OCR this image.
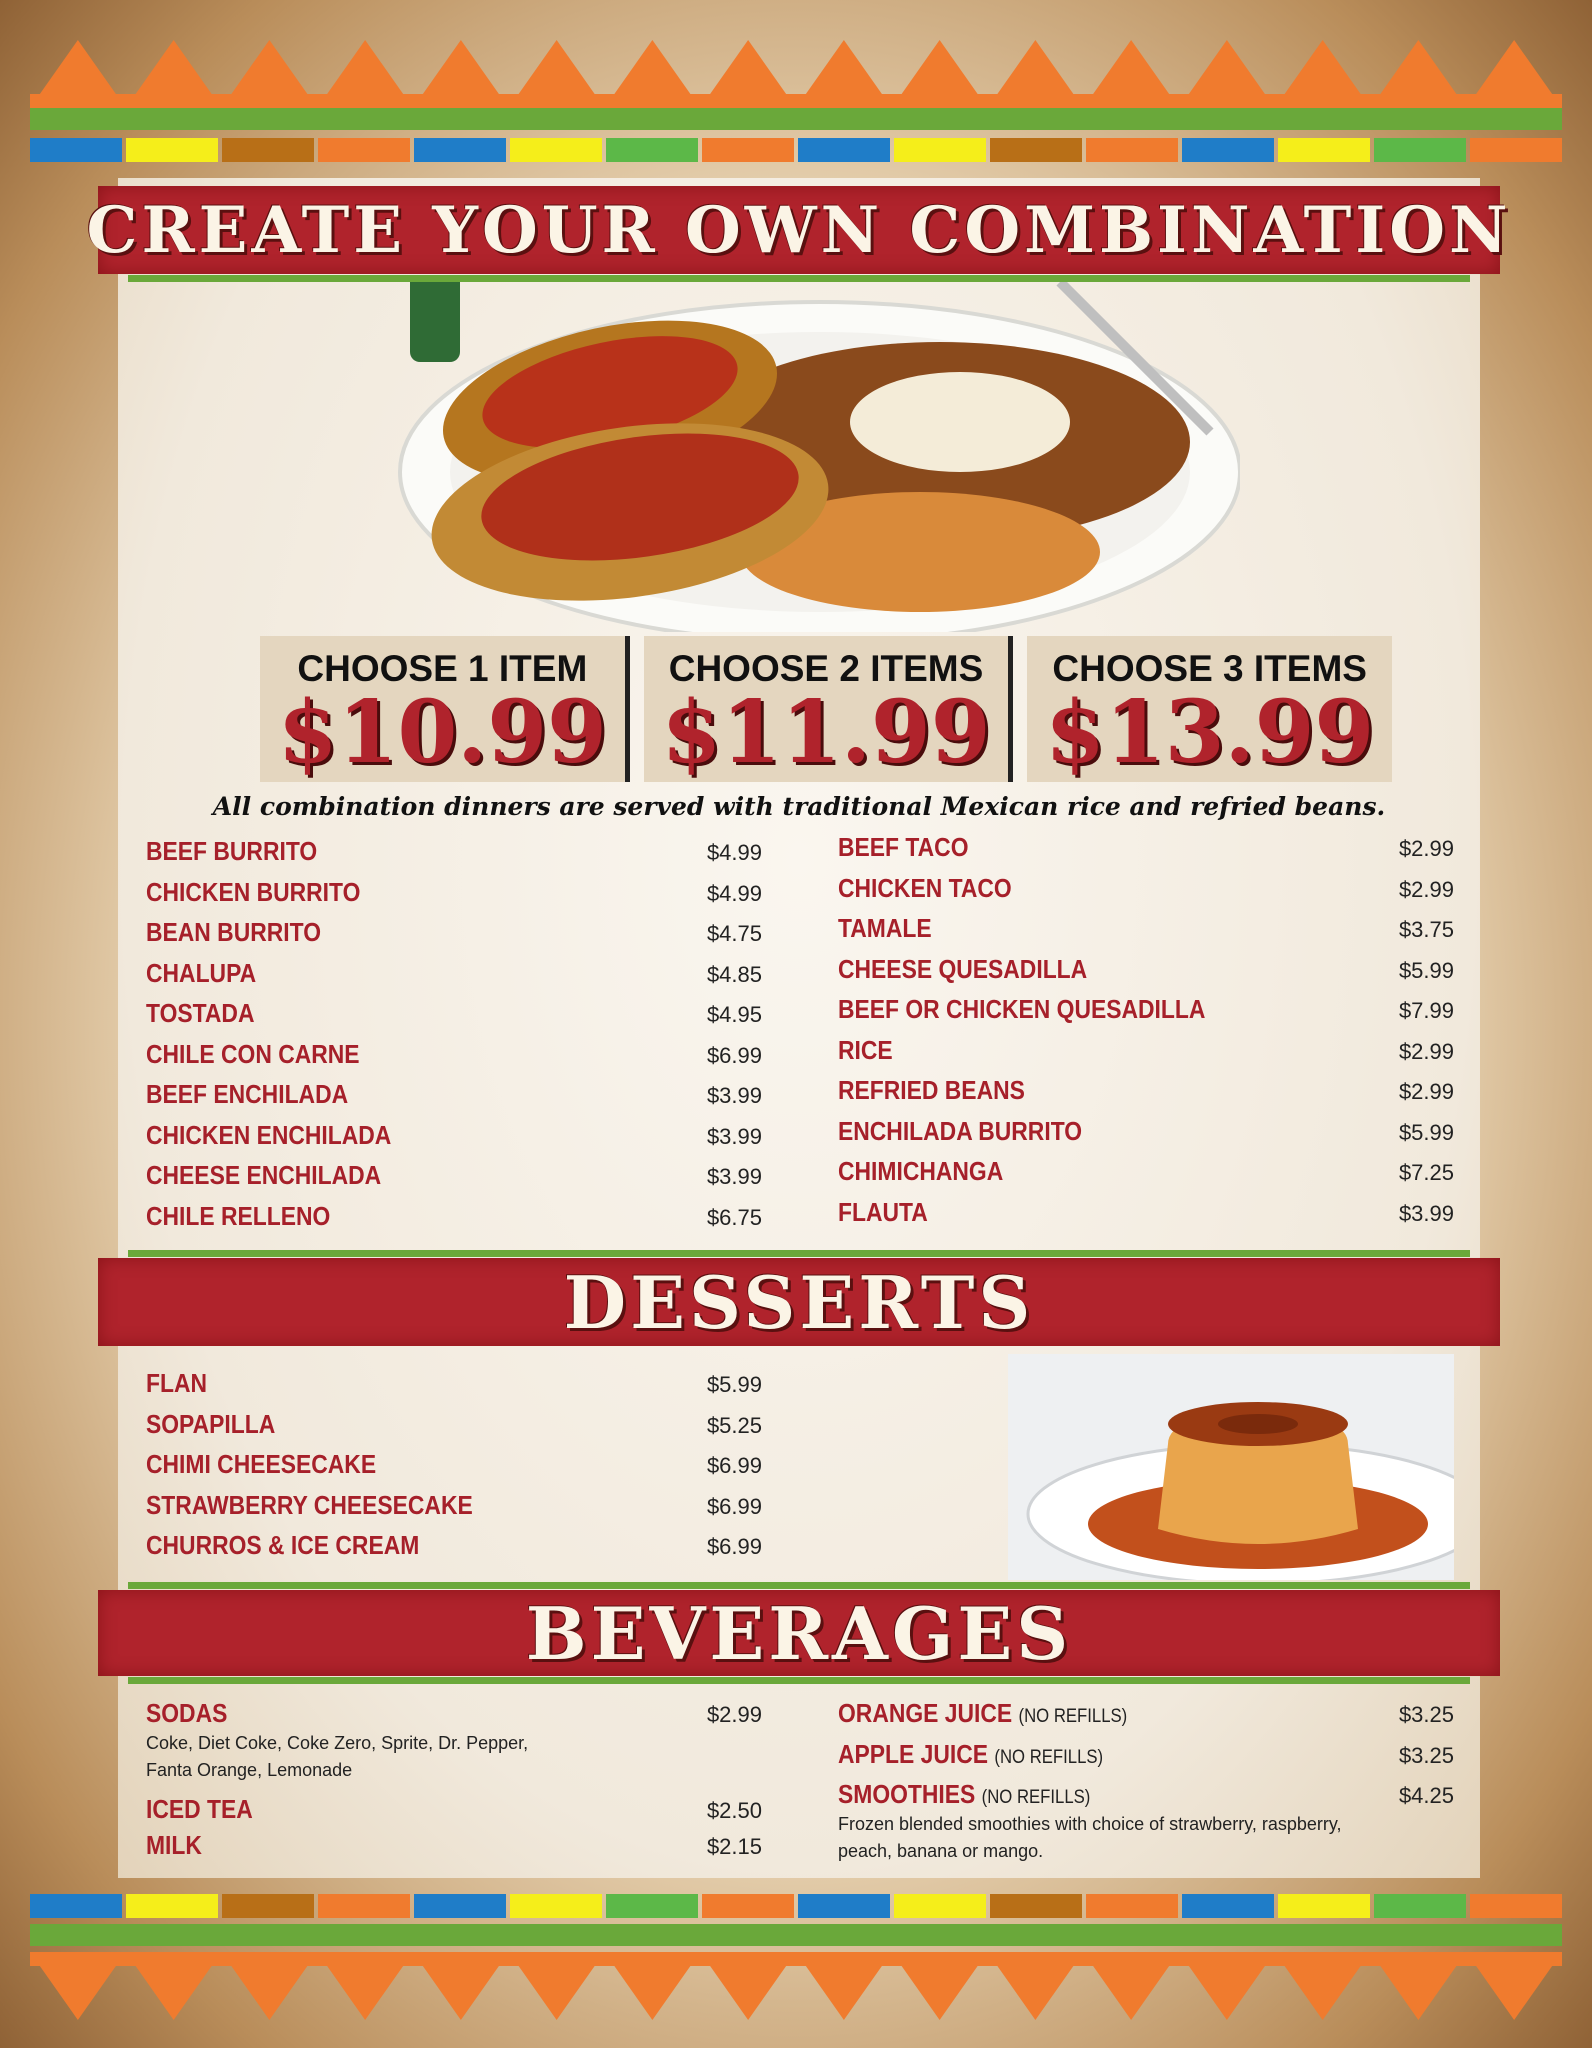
CREATE YOUR OWN COMBINATION
CHOOSE 1 ITEM
$10.99
CHOOSE 2 ITEMS
$11.99
CHOOSE 3 ITEMS
$13.99
All combination dinners are served with traditional Mexican rice and refried beans.
BEEF BURRITO	$4.99
CHICKEN BURRITO	$4.99
BEAN BURRITO	$4.75
CHALUPA	$4.85
TOSTADA	$4.95
CHILE CON CARNE	$6.99
BEEF ENCHILADA	$3.99
CHICKEN ENCHILADA	$3.99
CHEESE ENCHILADA	$3.99
CHILE RELLENO	$6.75
BEEF TACO	$2.99
CHICKEN TACO	$2.99
TAMALE	$3.75
CHEESE QUESADILLA	$5.99
BEEF OR CHICKEN QUESADILLA	$7.99
RICE	$2.99
REFRIED BEANS	$2.99
ENCHILADA BURRITO	$5.99
CHIMICHANGA	$7.25
FLAUTA	$3.99
DESSERTS
FLAN	$5.99
SOPAPILLA	$5.25
CHIMI CHEESECAKE	$6.99
STRAWBERRY CHEESECAKE	$6.99
CHURROS & ICE CREAM	$6.99
BEVERAGES
SODAS	$2.99
Coke, Diet Coke, Coke Zero, Sprite, Dr. Pepper,
Fanta Orange, Lemonade
ICED TEA	$2.50
MILK	$2.15
ORANGE JUICE (NO REFILLS)	$3.25
APPLE JUICE (NO REFILLS)	$3.25
SMOOTHIES (NO REFILLS)	$4.25
Frozen blended smoothies with choice of strawberry, raspberry,
peach, banana or mango.
